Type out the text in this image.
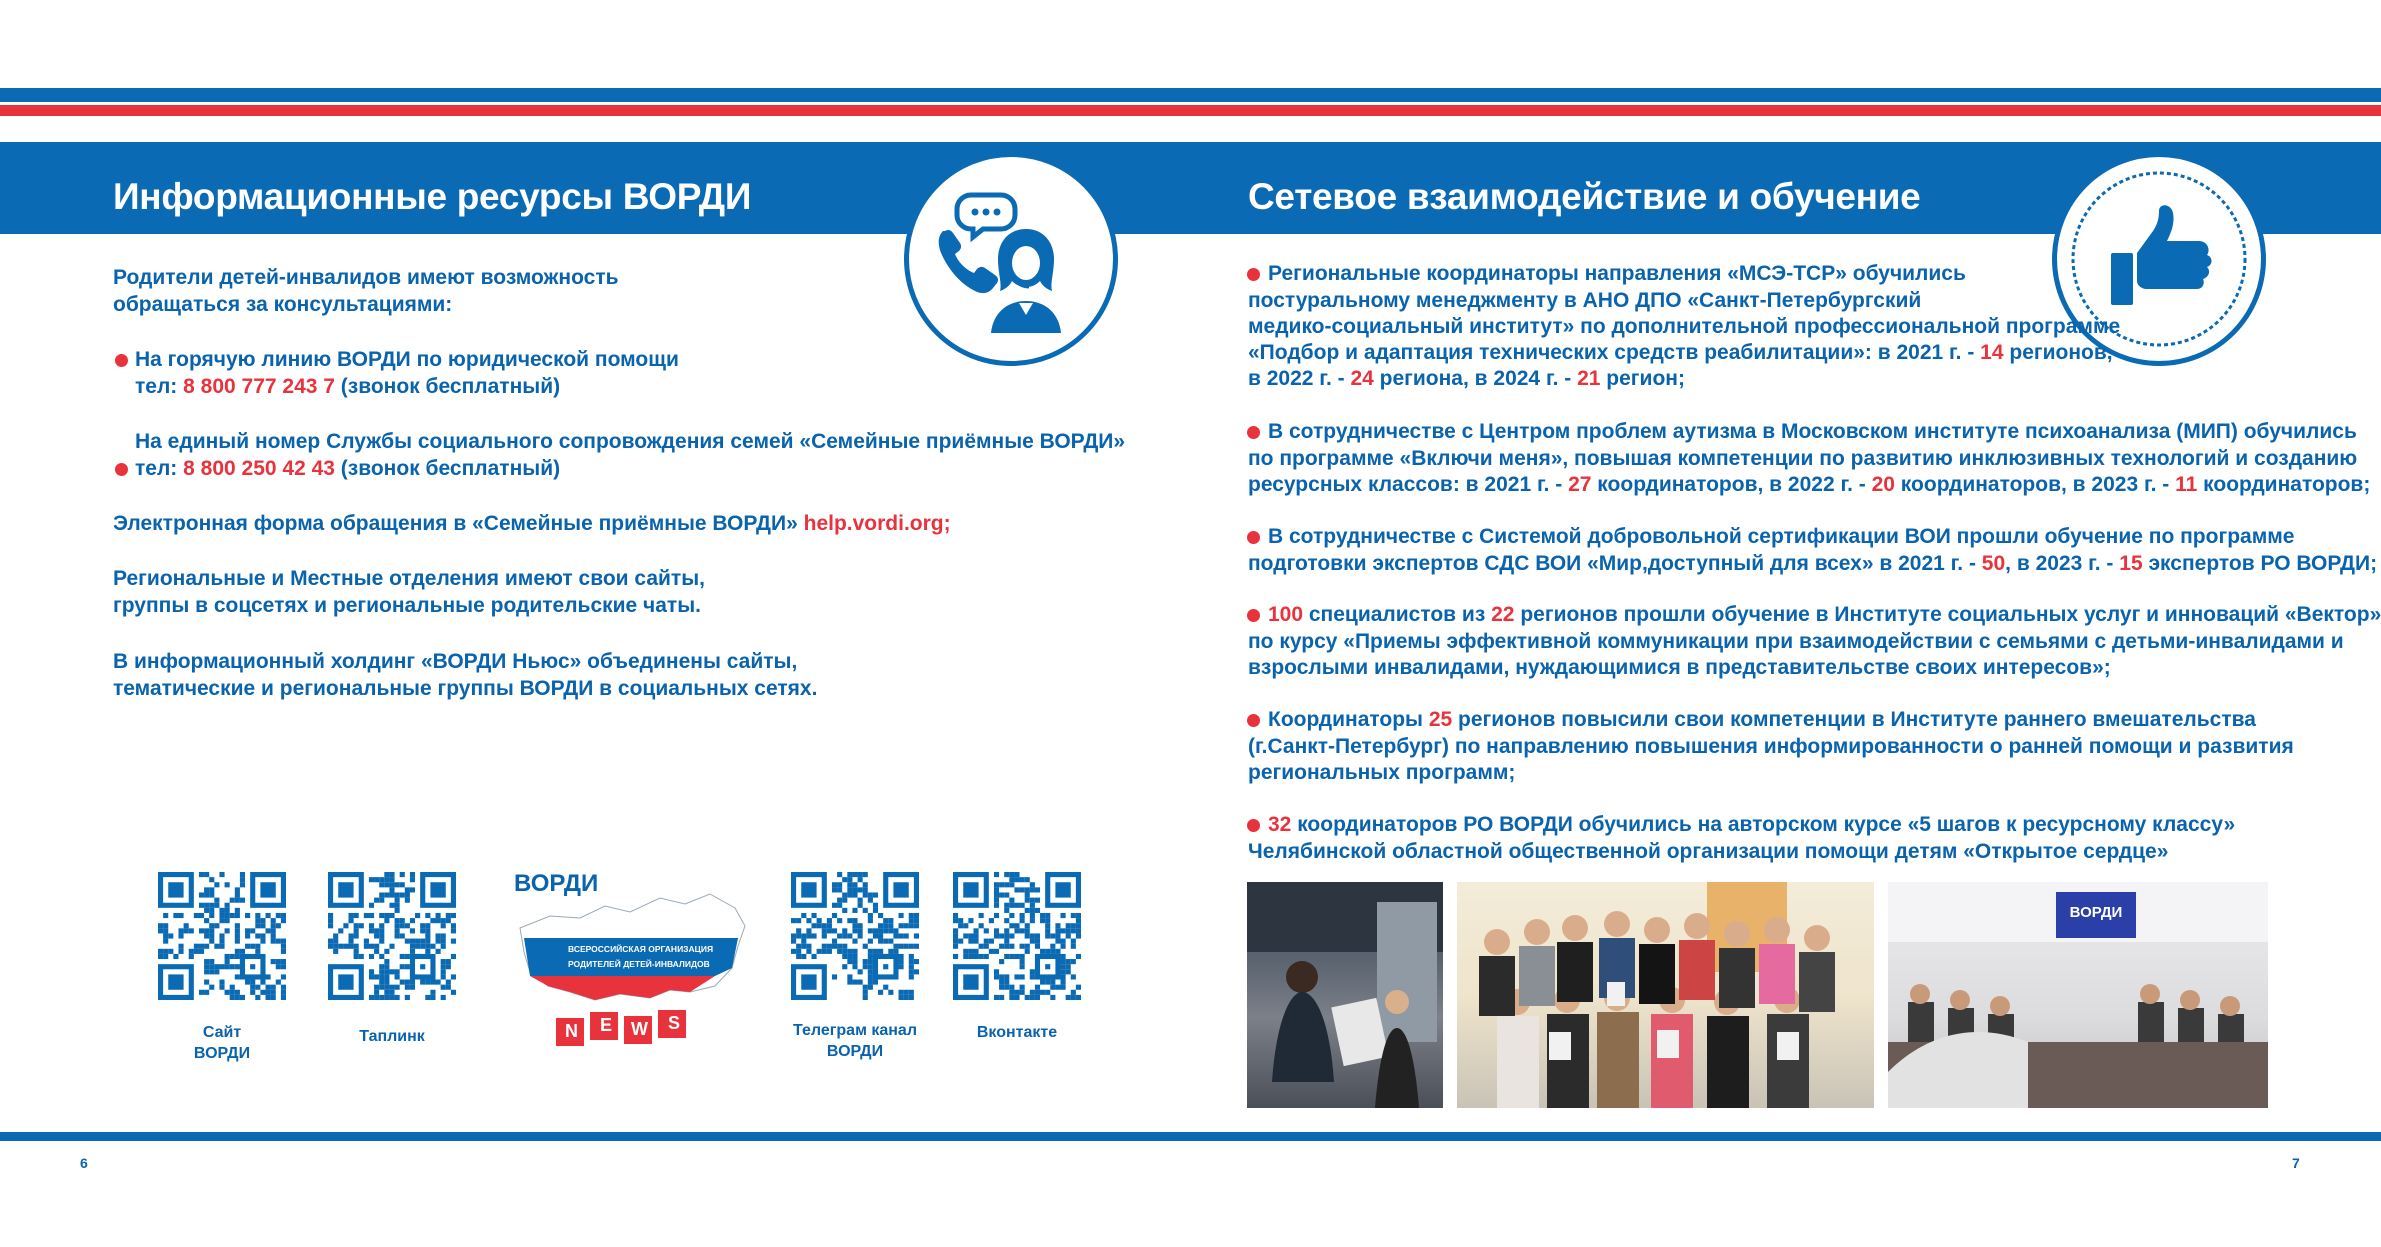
Информационные ресурсы ВОРДИ	Сетевое взаимодействие и обучение
Родители детей-инвалидов имеют возможность
обращаться за консультациями:
На горячую линию ВОРДИ по юридической помощи
тел: 8 800 777 243 7 (звонок бесплатный)
На единый номер Службы социального сопровождения семей «Семейные приёмные ВОРДИ»
тел: 8 800 250 42 43 (звонок бесплатный)
Электронная форма обращения в «Семейные приёмные ВОРДИ» help.vordi.org;
Региональные и Местные отделения имеют свои сайты,
группы в соцсетях и региональные родительские чаты.
В информационный холдинг «ВОРДИ Ньюс» объединены сайты,
тематические и региональные группы ВОРДИ в социальных сетях.
Сайт
ВОРДИ
Таплинк	Телеграм канал
ВОРДИ
Вконтакте
ВОРДИ
ВСЕРОССИЙСКАЯ ОРГАНИЗАЦИЯ
РОДИТЕЛЕЙ ДЕТЕЙ-ИНВАЛИДОВ
N E W S
Региональные координаторы направления «МСЭ-ТСР» обучились
постуральному менеджменту в АНО ДПО «Санкт-Петербургский
медико-социальный институт» по дополнительной профессиональной программе
«Подбор и адаптация технических средств реабилитации»: в 2021 г. - 14 регионов,
в 2022 г. - 24 региона, в 2024 г. - 21 регион;
В сотрудничестве с Центром проблем аутизма в Московском институте психоанализа (МИП) обучились
по программе «Включи меня», повышая компетенции по развитию инклюзивных технологий и созданию
ресурсных классов: в 2021 г. - 27 координаторов, в 2022 г. - 20 координаторов, в 2023 г. - 11 координаторов;
В сотрудничестве с Системой добровольной сертификации ВОИ прошли обучение по программе
подготовки экспертов СДС ВОИ «Мир,доступный для всех» в 2021 г. - 50, в 2023 г. - 15 экспертов РО ВОРДИ;
100 специалистов из 22 регионов прошли обучение в Институте социальных услуг и инноваций «Вектор»
по курсу «Приемы эффективной коммуникации при взаимодействии с семьями с детьми-инвалидами и
взрослыми инвалидами, нуждающимися в представительстве своих интересов»;
Координаторы 25 регионов повысили свои компетенции в Институте раннего вмешательства
(г.Санкт-Петербург) по направлению повышения информированности о ранней помощи и развития
региональных программ;
32 координаторов РО ВОРДИ обучились на авторском курсе «5 шагов к ресурсному классу»
Челябинской областной общественной организации помощи детям «Открытое сердце»
ВОРДИ
6	7
